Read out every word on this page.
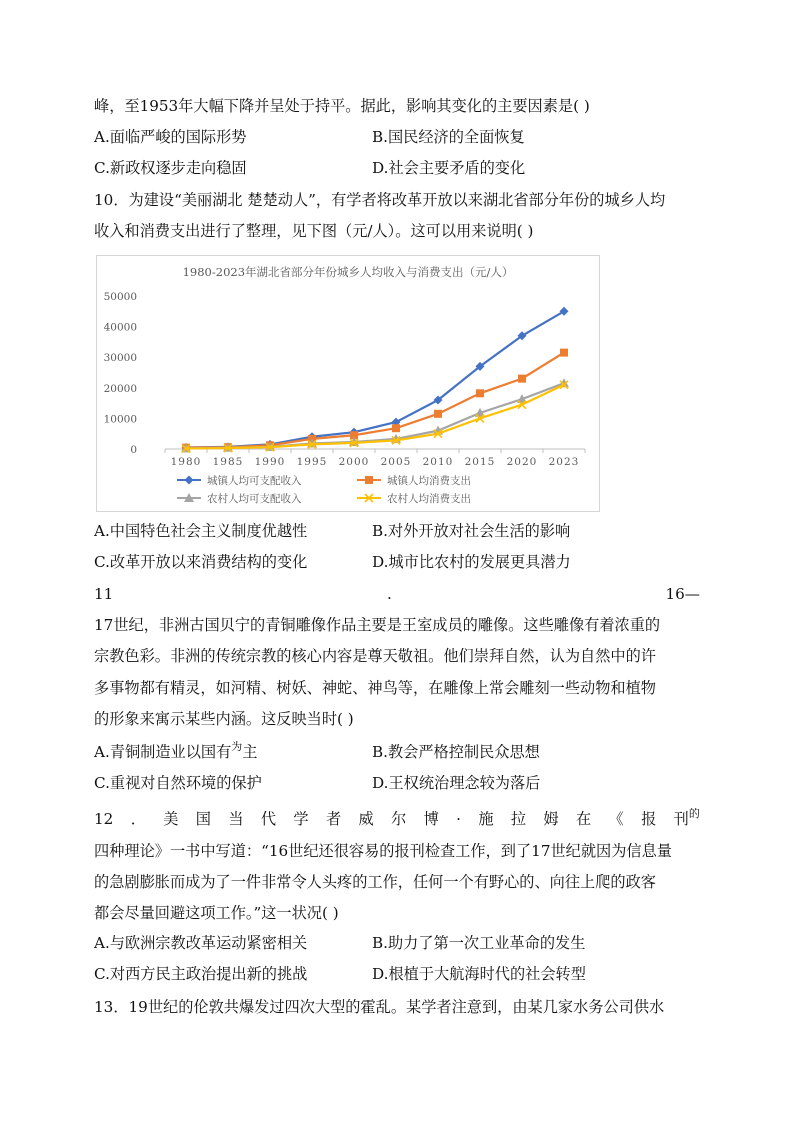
峰，至1953年大幅下降并呈处于持平。据此，影响其变化的主要因素是( )
A.面临严峻的国际形势	B.国民经济的全面恢复
C.新政权逐步走向稳固	D.社会主要矛盾的变化
10．为建设“美丽湖北 楚楚动人”，有学者将改革开放以来湖北省部分年份的城乡人均
收入和消费支出进行了整理，见下图（元/人）。这可以用来说明( )
1980-2023年湖北省部分年份城乡人均收入与消费支出（元/人）
0
10000
20000
30000
40000
50000
1980 1985 1990 1995 2000 2005 2010 2015 2020 2023
城镇人均可支配收入	城镇人均消费支出
农村人均可支配收入	农村人均消费支出
A.中国特色社会主义制度优越性	B.对外开放对社会生活的影响
C.改革开放以来消费结构的变化	D.城市比农村的发展更具潜力
11	.	16—
17世纪，非洲古国贝宁的青铜雕像作品主要是王室成员的雕像。这些雕像有着浓重的
宗教色彩。非洲的传统宗教的核心内容是尊天敬祖。他们崇拜自然，认为自然中的许
多事物都有精灵，如河精、树妖、神蛇、神鸟等，在雕像上常会雕刻一些动物和植物
的形象来寓示某些内涵。这反映当时( )
A.青铜制造业以国有$^为$主	B.教会严格控制民众思想
C.重视对自然环境的保护	D.王权统治理念较为落后
12 ． 美 国 当 代 学 者 威 尔 博 · 施 拉 姆 在 《 报 刊$^的$
四种理论》一书中写道：“16世纪还很容易的报刊检查工作，到了17世纪就因为信息量
的急剧膨胀而成为了一件非常令人头疼的工作，任何一个有野心的、向往上爬的政客
都会尽量回避这项工作。”这一状况( )
A.与欧洲宗教改革运动紧密相关	B.助力了第一次工业革命的发生
C.对西方民主政治提出新的挑战	D.根植于大航海时代的社会转型
13．19世纪的伦敦共爆发过四次大型的霍乱。某学者注意到，由某几家水务公司供水
